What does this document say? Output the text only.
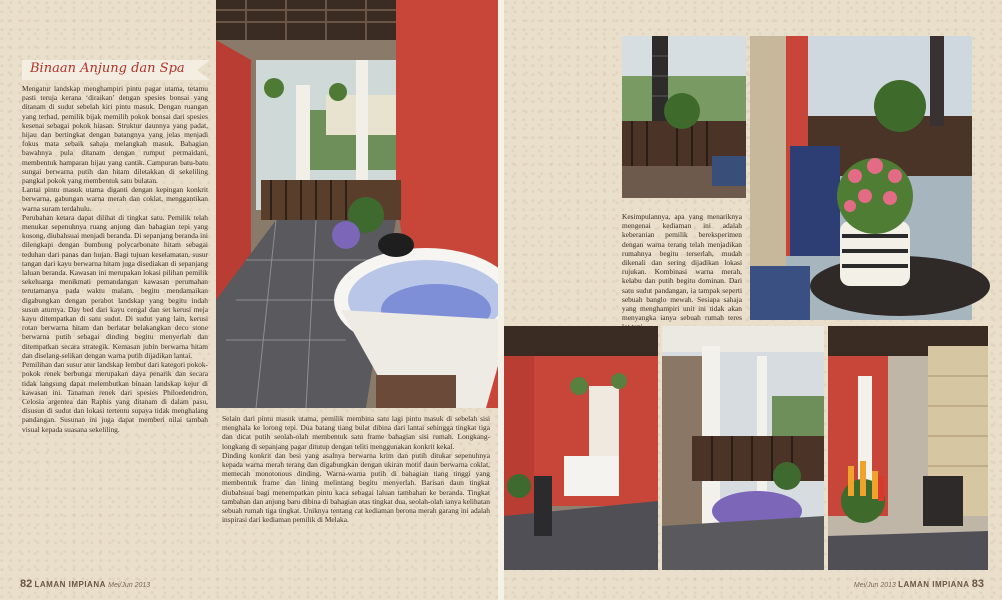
Binaan Anjung dan Spa
Mengatur landskap menghampiri pintu pagar utama, tetamu pasti terujа kerana ‘diraikan’ dengan spesies bonsai yang ditanam di sudut sebelah kiri pintu masuk. Dengan ruangan yang terhad, pemilik bijak memilih pokok bonsai dari spesies kesenai sebagai pokok hiasan. Struktur daunnya yang padat, hijau dan bertingkat dengan batangnya yang jelas menjadi fokus mata sebaik sahaja melangkah masuk. Bahagian bawahnya pula ditanam dengan rumput permaidani, membentuk hamparan hijau yang cantik. Campuran batu-batu sungai berwarna putih dan hitam diletakkan di sekeliling pangkal pokok yang membentuk satu bulatan.
Lantai pintu masuk utama diganti dengan kepingan konkrit berwarna, gabungan warna merah dan coklat, menggantikan warna suram terdahulu.
Perubahan ketara dapat dilihat di tingkat satu. Pemilik telah menukar sepenuhnya ruang anjung dan bahagian tepi yang kosong, diubahsuai menjadi beranda. Di sepanjang beranda ini dilengkapi dengan bumbung polycarbonate hitam sebagai teduhan dari panas dan hujan. Bagi tujuan keselamatan, susur tangan dari kayu berwarna hitam juga disediakan di sepanjang laluan beranda. Kawasan ini merupakan lokasi pilihan pemilik sekeluarga menikmati pemandangan kawasan perumahan terutamanya pada waktu malam, begitu mendamaikan digabungkan dengan perabot landskap yang begitu indah susun aturnya. Day bed dari kayu cengal dan set kerusi meja kayu ditempatkan di satu sudut. Di sudut yang lain, kerusi rotan berwarna hitam dan berlatar belakangkan deco stone berwarna putih sebagai dinding begitu menyerlah dan ditempatkan secara strategik. Kemasan jubin berwarna hitam dan diselang-selikan dengan warna putih dijadikan lantai.
Pemilihan dan susur atur landskap lembut dari kategori pokok-pokok renek berbunga merupakan daya penarik dan secara tidak langsung dapat melembutkan binaan landskap kejur di kawasan ini. Tanaman renek dari spesies Philoedendron, Celosia argentea dan Raphis yang ditanam di dalam pasu, disusun di sudut dan lokasi tertentu supaya tidak menghalang pandangan. Susunan ini juga dapat memberi nilai tambah visual kepada suasana sekeliling.
Selain dari pintu masuk utama, pemilik membina satu lagi pintu masuk di sebelah sisi menghala ke lorong tepi. Dua batang tiang bulat dibina dari lantai sehingga tingkat tiga dan dicat putih seolah-olah membentuk satu frame bahagian sisi rumah. Longkang-longkang di sepanjang pagar ditutup dengan teliti menggunakan konkrit kekal.
Dinding konkrit dan besi yang asalnya berwarna krim dan putih ditukar sepenuhnya kepada warna merah terang dan digabungkan dengan ukiran motif daun berwarna coklat, memecah monotonous dinding. Warna-warna putih di bahagian tiang tinggi yang membentuk frame dan lining melintang begitu menyerlah. Barisan daun tingkat diubahsuai bagi menempatkan pintu kaca sebagai laluan tambahan ke beranda. Tingkat tambahan dan anjung baru dibina di bahagian atas tingkat dua, seolah-olah ianya kelihatan sebuah rumah tiga tingkat. Uniknya tentang cat kediaman berona merah garang ini adalah inspirasi dari kediaman pemilik di Melaka.
82 LAMAN IMPIANA Mei/Jun 2013
Kesimpulannya, apa yang menariknya mengenai kediaman ini adalah keberanian pemilik bereksperimen dengan warna terang telah menjadikan rumahnya begitu terserlah, mudah dikenali dan sering dijadikan lokasi rujukan. Kombinasi warna merah, kelabu dan putih begitu dominan. Dari satu sudut pandangan, ia tampak seperti sebuah banglo mewah. Sesiapa sahaja yang menghampiri unit ini tidak akan menyangka ianya sebuah rumah teres
Mei/Jun 2013 LAMAN IMPIANA 83
